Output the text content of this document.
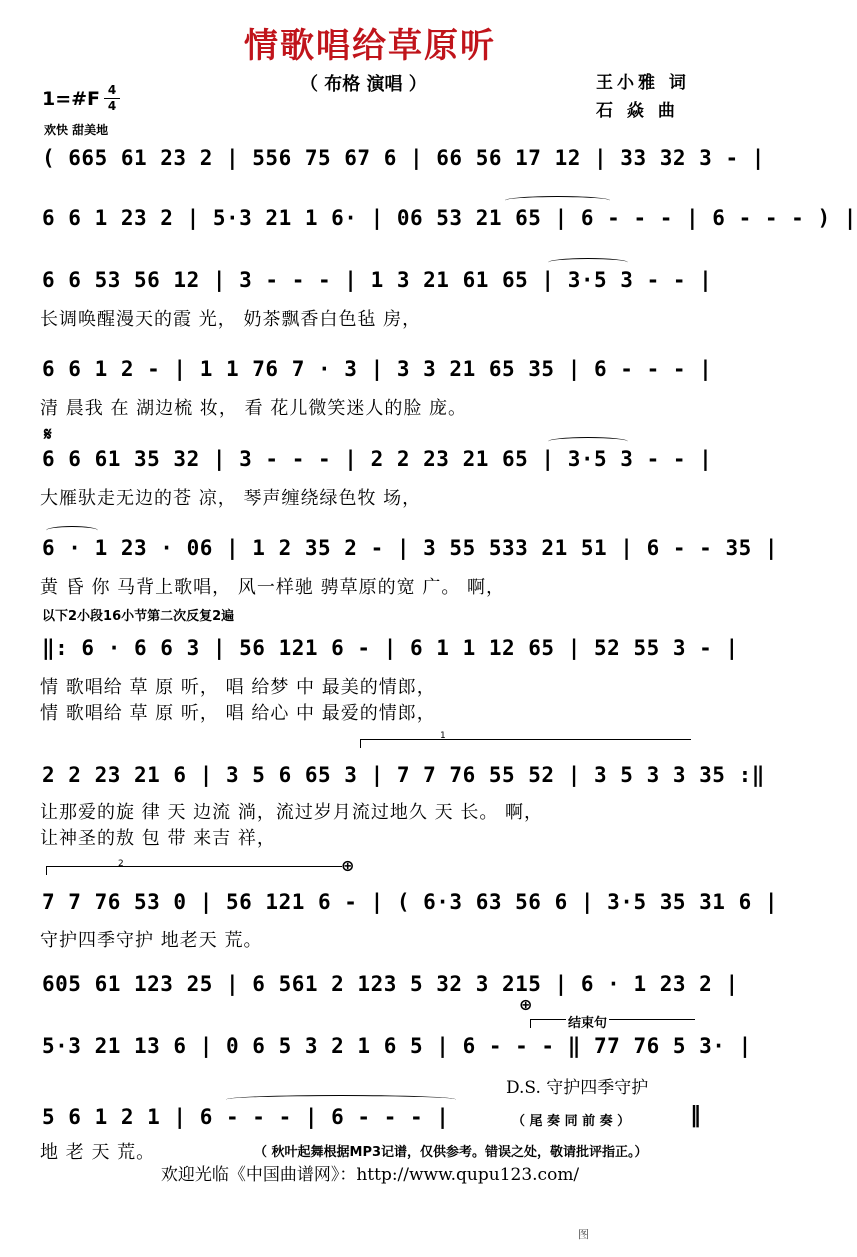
情歌唱给草原听
（ 布格 演唱 ）	王小雅 词
石 焱 曲
1=#F 4
4
欢快 甜美地
( 665 61 23 2 | 556 75 67 6 | 66 56 17 12 | 33 32 3 - |
6 6 1 23 2 | 5·3 21 1 6· | 06 53 21 65 | 6 - - - | 6 - - - ) |
6 6 53 56 12 | 3 - - - | 1 3 21 61 65 | 3·5 3 - - |
长调唤醒漫天的霞 光， 奶茶飘香白色毡 房，
6 6 1 2 - | 1 1 76 7 · 3 | 3 3 21 65 35 | 6 - - - |
清 晨我 在 湖边梳 妆， 看 花儿微笑迷人的脸 庞。
𝄋
6 6 61 35 32 | 3 - - - | 2 2 23 21 65 | 3·5 3 - - |
大雁驮走无边的苍 凉， 琴声缠绕绿色牧 场，
6 · 1 23 · 06 | 1 2 35 2 - | 3 55 533 21 51 | 6 - - 35 |
黄 昏 你 马背上歌唱， 风一样驰 骋草原的宽 广。 啊，
以下2小段16小节第二次反复2遍
‖: 6 · 6 6 3 | 56 121 6 - | 6 1 1 12 65 | 52 55 3 - |
情 歌唱给 草 原 听， 唱 给梦 中 最美的情郎，
情 歌唱给 草 原 听， 唱 给心 中 最爱的情郎，
1
2 2 23 21 6 | 3 5 6 65 3 | 7 7 76 55 52 | 3 5 3 3 35 :‖
让那爱的旋 律 天 边流 淌，流过岁月流过地久 天 长。 啊，
让神圣的敖 包 带 来吉 祥，
2	⊕
7 7 76 53 0 | 56 121 6 - | ( 6·3 63 56 6 | 3·5 35 31 6 |
守护四季守护 地老天 荒。
605 61 123 25 | 6 561 2 123 5 32 3 215 | 6 · 1 23 2 |
⊕
结束句
5·3 21 13 6 | 0 6 5 3 2 1 6 5 | 6 - - - ‖ 77 76 5 3· |
D.S. 守护四季守护
5 6 1 2 1 | 6 - - - | 6 - - - |	（ 尾 奏 同 前 奏 ）	‖
地 老 天 荒。	（ 秋叶起舞根据MP3记谱，仅供参考。错误之处，敬请批评指正。）
欢迎光临《中国曲谱网》：http://www.qupu123.com/
图
